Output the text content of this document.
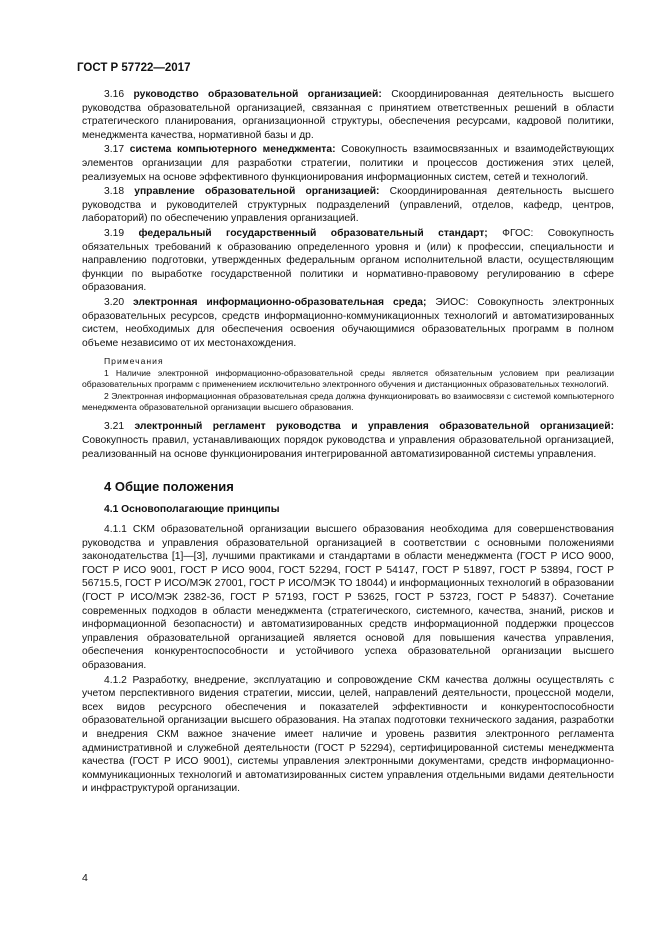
ГОСТ Р 57722—2017

3.16 руководство образовательной организацией: Скоординированная деятельность высшего руководства образовательной организацией, связанная с принятием ответственных решений в области стратегического планирования, организационной структуры, обеспечения ресурсами, кадровой политики, менеджмента качества, нормативной базы и др.

3.17 система компьютерного менеджмента: Совокупность взаимосвязанных и взаимодействующих элементов организации для разработки стратегии, политики и процессов достижения этих целей, реализуемых на основе эффективного функционирования информационных систем, сетей и технологий.

3.18 управление образовательной организацией: Скоординированная деятельность высшего руководства и руководителей структурных подразделений (управлений, отделов, кафедр, центров, лабораторий) по обеспечению управления организацией.

3.19 федеральный государственный образовательный стандарт; ФГОС: Совокупность обязательных требований к образованию определенного уровня и (или) к профессии, специальности и направлению подготовки, утвержденных федеральным органом исполнительной власти, осуществляющим функции по выработке государственной политики и нормативно-правовому регулированию в сфере образования.

3.20 электронная информационно-образовательная среда; ЭИОС: Совокупность электронных образовательных ресурсов, средств информационно-коммуникационных технологий и автоматизированных систем, необходимых для обеспечения освоения обучающимися образовательных программ в полном объеме независимо от их местонахождения.

Примечания
1 Наличие электронной информационно-образовательной среды является обязательным условием при реализации образовательных программ с применением исключительно электронного обучения и дистанционных образовательных технологий.
2 Электронная информационная образовательная среда должна функционировать во взаимосвязи с системой компьютерного менеджмента образовательной организации высшего образования.

3.21 электронный регламент руководства и управления образовательной организацией: Совокупность правил, устанавливающих порядок руководства и управления образовательной организацией, реализованный на основе функционирования интегрированной автоматизированной системы управления.

4 Общие положения
4.1 Основополагающие принципы

4.1.1 СКМ образовательной организации высшего образования необходима для совершенствования руководства и управления образовательной организацией в соответствии с основными положениями законодательства [1]—[3], лучшими практиками и стандартами в области менеджмента (ГОСТ Р ИСО 9000, ГОСТ Р ИСО 9001, ГОСТ Р ИСО 9004, ГОСТ 52294, ГОСТ Р 54147, ГОСТ Р 51897, ГОСТ Р 53894, ГОСТ Р 56715.5, ГОСТ Р ИСО/МЭК 27001, ГОСТ Р ИСО/МЭК ТО 18044) и информационных технологий в образовании (ГОСТ Р ИСО/МЭК 2382-36, ГОСТ Р 57193, ГОСТ Р 53625, ГОСТ Р 53723, ГОСТ Р 54837). Сочетание современных подходов в области менеджмента (стратегического, системного, качества, знаний, рисков и информационной безопасности) и автоматизированных средств информационной поддержки процессов управления образовательной организацией является основой для повышения качества управления, обеспечения конкурентоспособности и устойчивого успеха образовательной организации высшего образования.

4.1.2 Разработку, внедрение, эксплуатацию и сопровождение СКМ качества должны осуществлять с учетом перспективного видения стратегии, миссии, целей, направлений деятельности, процессной модели, всех видов ресурсного обеспечения и показателей эффективности и конкурентоспособности образовательной организации высшего образования. На этапах подготовки технического задания, разработки и внедрения СКМ важное значение имеет наличие и уровень развития электронного регламента административной и служебной деятельности (ГОСТ Р 52294), сертифицированной системы менеджмента качества (ГОСТ Р ИСО 9001), системы управления электронными документами, средств информационно-коммуникационных технологий и автоматизированных систем управления отдельными видами деятельности и инфраструктурой организации.

4
